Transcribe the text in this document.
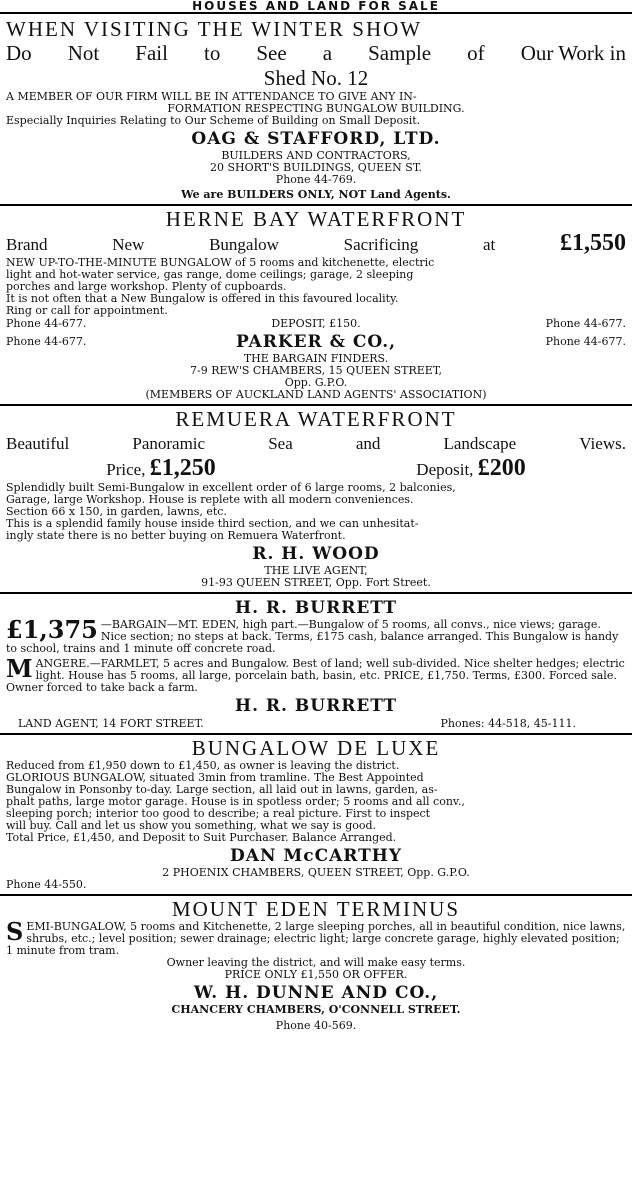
HOUSES AND LAND FOR SALE
WHEN VISITING THE WINTER SHOW
Do Not Fail to See a Sample of Our Work in
Shed No. 12

A MEMBER OF OUR FIRM WILL BE IN ATTENDANCE TO GIVE ANY IN-

FORMATION RESPECTING BUNGALOW BUILDING.

Especially Inquiries Relating to Our Scheme of Building on Small Deposit.

OAG & STAFFORD, LTD.

BUILDERS AND CONTRACTORS,

20 SHORT'S BUILDINGS, QUEEN ST.

Phone 44-769.

We are BUILDERS ONLY, NOT Land Agents.

HERNE BAY WATERFRONT
Brand	New	Bungalow	Sacrificing	at	£1,550

NEW UP-TO-THE-MINUTE BUNGALOW of 5 rooms and kitchenette, electric

light and hot-water service, gas range, dome ceilings; garage, 2 sleeping

porches and large workshop. Plenty of cupboards.

It is not often that a New Bungalow is offered in this favoured locality.

Ring or call for appointment.

Phone 44-677.	DEPOSIT, £150.	Phone 44-677.
Phone 44-677.	PARKER & CO.,	Phone 44-677.

THE BARGAIN FINDERS.

7-9 REW'S CHAMBERS, 15 QUEEN STREET,

Opp. G.P.O.

(MEMBERS OF AUCKLAND LAND AGENTS' ASSOCIATION)

REMUERA WATERFRONT
Beautiful	Panoramic	Sea	and	Landscape	Views.
Price, £1,250	Deposit, £200

Splendidly built Semi-Bungalow in excellent order of 6 large rooms, 2 balconies,

Garage, large Workshop. House is replete with all modern conveniences.

Section 66 x 150, in garden, lawns, etc.

This is a splendid family house inside third section, and we can unhesitat-

ingly state there is no better buying on Remuera Waterfront.

R. H. WOOD

THE LIVE AGENT,

91-93 QUEEN STREET, Opp. Fort Street.

H. R. BURRETT

£1,375 —BARGAIN—MT. EDEN, high part.—Bungalow of 5 rooms, all convs., nice views; garage. Nice section; no steps at back. Terms, £175 cash, balance arranged. This Bungalow is handy to school, trains and 1 minute off concrete road.

MANGERE.—FARMLET, 5 acres and Bungalow. Best of land; well sub-divided. Nice shelter hedges; electric light. House has 5 rooms, all large, porcelain bath, basin, etc. PRICE, £1,750. Terms, £300. Forced sale. Owner forced to take back a farm.

H. R. BURRETT
LAND AGENT, 14 FORT STREET.	Phones: 44-518, 45-111.
BUNGALOW DE LUXE

Reduced from £1,950 down to £1,450, as owner is leaving the district.

GLORIOUS BUNGALOW, situated 3min from tramline. The Best Appointed

Bungalow in Ponsonby to-day. Large section, all laid out in lawns, garden, as-

phalt paths, large motor garage. House is in spotless order; 5 rooms and all conv.,

sleeping porch; interior too good to describe; a real picture. First to inspect

will buy. Call and let us show you something, what we say is good.

Total Price, £1,450, and Deposit to Suit Purchaser. Balance Arranged.

DAN McCARTHY

2 PHOENIX CHAMBERS, QUEEN STREET, Opp. G.P.O.

Phone 44-550.

MOUNT EDEN TERMINUS

SEMI-BUNGALOW, 5 rooms and Kitchenette, 2 large sleeping porches, all in beautiful condition, nice lawns, shrubs, etc.; level position; sewer drainage; electric light; large concrete garage, highly elevated position; 1 minute from tram.

Owner leaving the district, and will make easy terms.

PRICE ONLY £1,550 OR OFFER.

W. H. DUNNE AND CO.,

CHANCERY CHAMBERS, O'CONNELL STREET.

Phone 40-569.
